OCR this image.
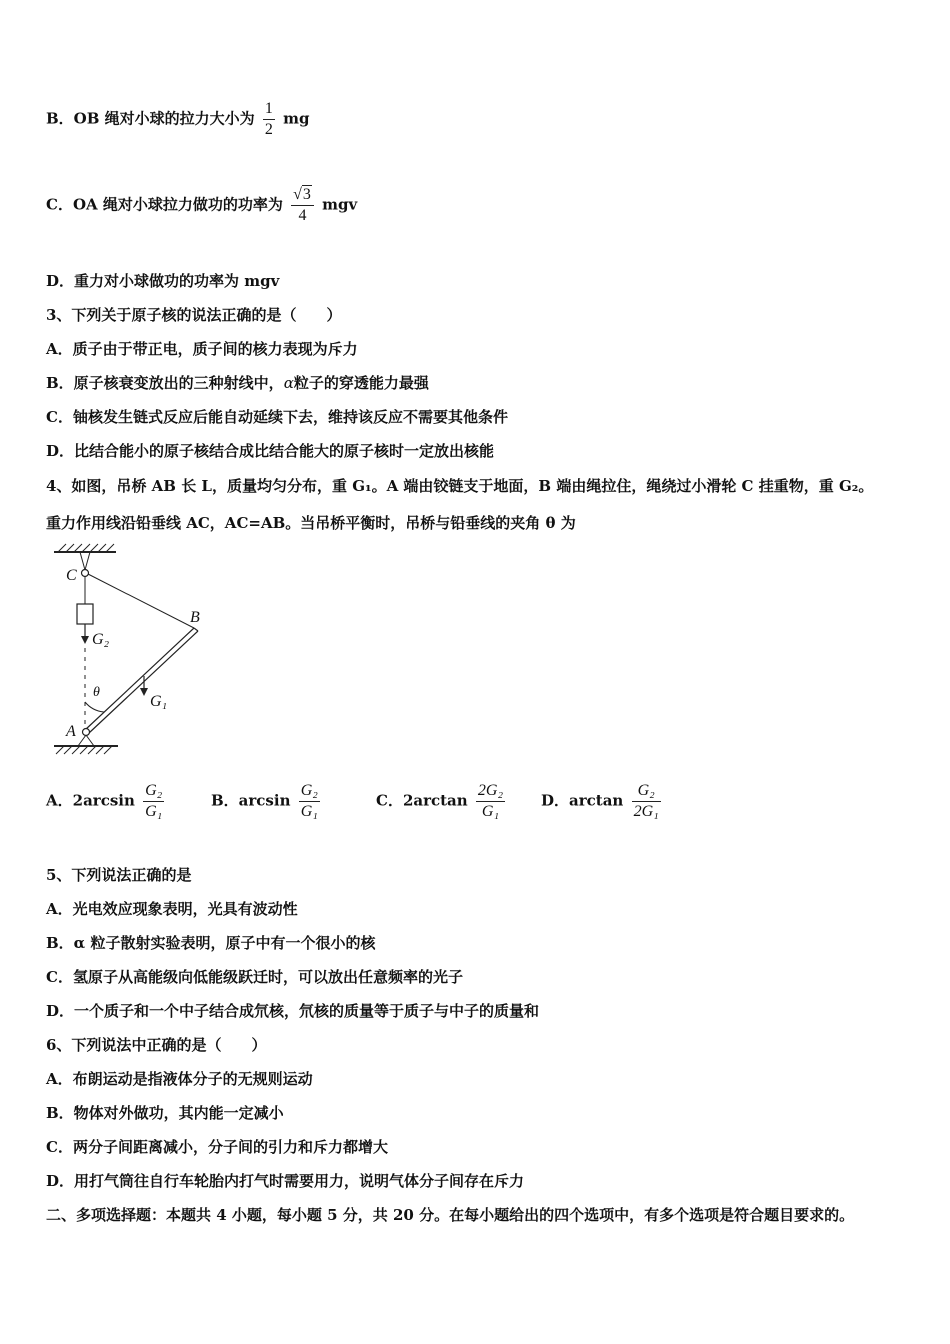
B．OB 绳对小球的拉力大小为 $\frac{1}{2}$ mg
C．OA 绳对小球拉力做功的功率为 $\frac{√3}{4}$ mgv
D．重力对小球做功的功率为 mgv
3、下列关于原子核的说法正确的是（　　）
A．质子由于带正电，质子间的核力表现为斥力
B．原子核衰变放出的三种射线中，α粒子的穿透能力最强
C．铀核发生链式反应后能自动延续下去，维持该反应不需要其他条件
D．比结合能小的原子核结合成比结合能大的原子核时一定放出核能
4、如图，吊桥 AB 长 L，质量均匀分布，重 G₁。A 端由铰链支于地面，B 端由绳拉住，绳绕过小滑轮 C 挂重物，重 G₂。
重力作用线沿铅垂线 AC，AC=AB。当吊桥平衡时，吊桥与铅垂线的夹角 θ 为
C
B
A
G₂
G₁
θ
A．$2\arcsin \frac{\text{G₂}}{\text{G₁}}$	B．$\arcsin \frac{\text{G₂}}{\text{G₁}}$	C．$2\arctan \frac{\text{2G₂}}{\text{G₁}}$ D．$\arctan \frac{\text{G₂}}{\text{2G₁}}$
5、下列说法正确的是
A．光电效应现象表明，光具有波动性
B．α 粒子散射实验表明，原子中有一个很小的核
C．氢原子从高能级向低能级跃迁时，可以放出任意频率的光子
D．一个质子和一个中子结合成氘核，氘核的质量等于质子与中子的质量和
6、下列说法中正确的是（　　）
A．布朗运动是指液体分子的无规则运动
B．物体对外做功，其内能一定减小
C．两分子间距离减小，分子间的引力和斥力都增大
D．用打气筒往自行车轮胎内打气时需要用力，说明气体分子间存在斥力
二、多项选择题：本题共 4 小题，每小题 5 分，共 20 分。在每小题给出的四个选项中，有多个选项是符合题目要求的。
